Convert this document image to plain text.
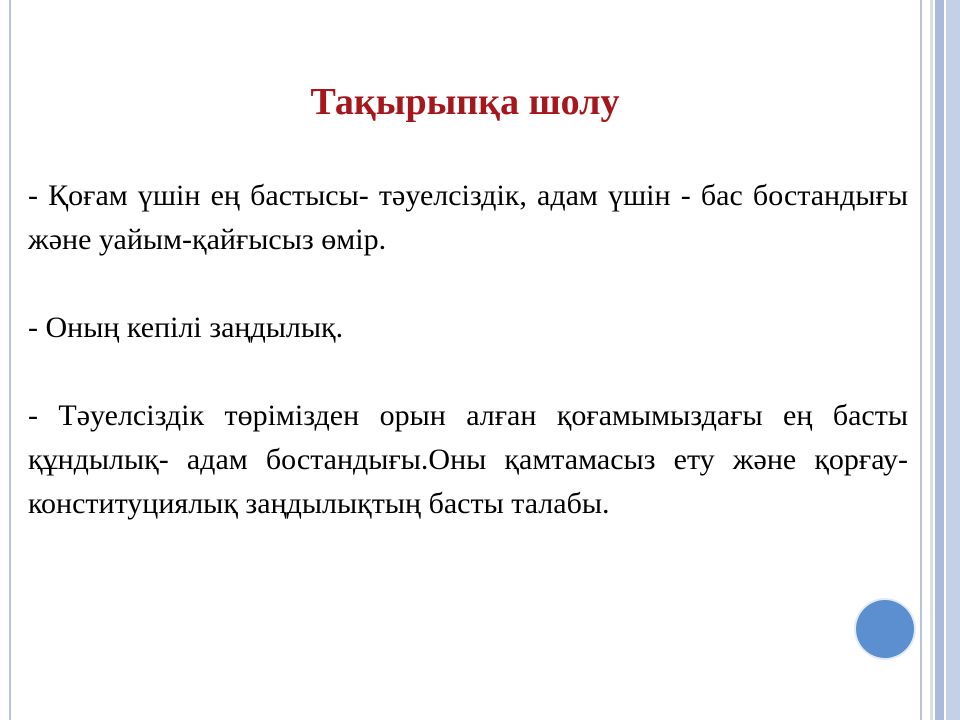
Тақырыпқа шолу

- Қоғам үшін ең бастысы- тәуелсіздік, адам үшін - бас бостандығы және уайым-қайғысыз өмір.

- Оның кепілі заңдылық.

- Тәуелсіздік төрімізден орын алған қоғамымыздағы ең басты құндылық- адам бостандығы.Оны қамтамасыз ету және қорғау-конституциялық заңдылықтың басты талабы.
